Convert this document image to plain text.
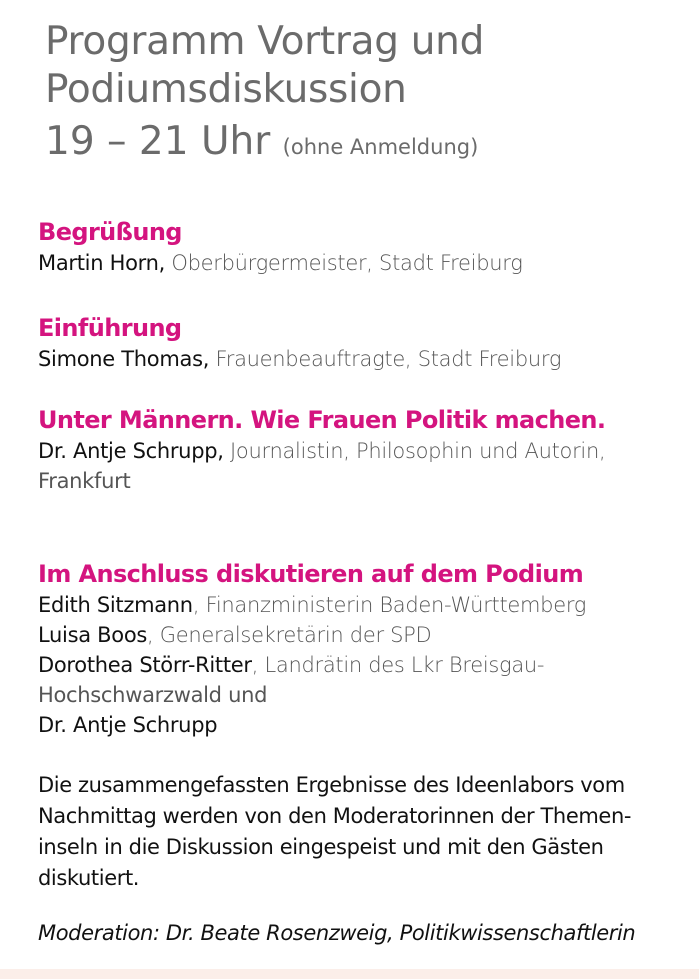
Programm Vortrag und
Podiumsdiskussion
19 – 21 Uhr (ohne Anmeldung)
Begrüßung
Martin Horn, Oberbürgermeister, Stadt Freiburg
Einführung
Simone Thomas, Frauenbeauftragte, Stadt Freiburg
Unter Männern. Wie Frauen Politik machen.
Dr. Antje Schrupp, Journalistin, Philosophin und Autorin,
Frankfurt
Im Anschluss diskutieren auf dem Podium
Edith Sitzmann, Finanzministerin Baden-Württemberg
Luisa Boos, Generalsekretärin der SPD
Dorothea Störr-Ritter, Landrätin des Lkr Breisgau-
Hochschwarzwald und
Dr. Antje Schrupp
Die zusammengefassten Ergebnisse des Ideenlabors vom
Nachmittag werden von den Moderatorinnen der Themen-
inseln in die Diskussion eingespeist und mit den Gästen
diskutiert.
Moderation: Dr. Beate Rosenzweig, Politikwissenschaftlerin
